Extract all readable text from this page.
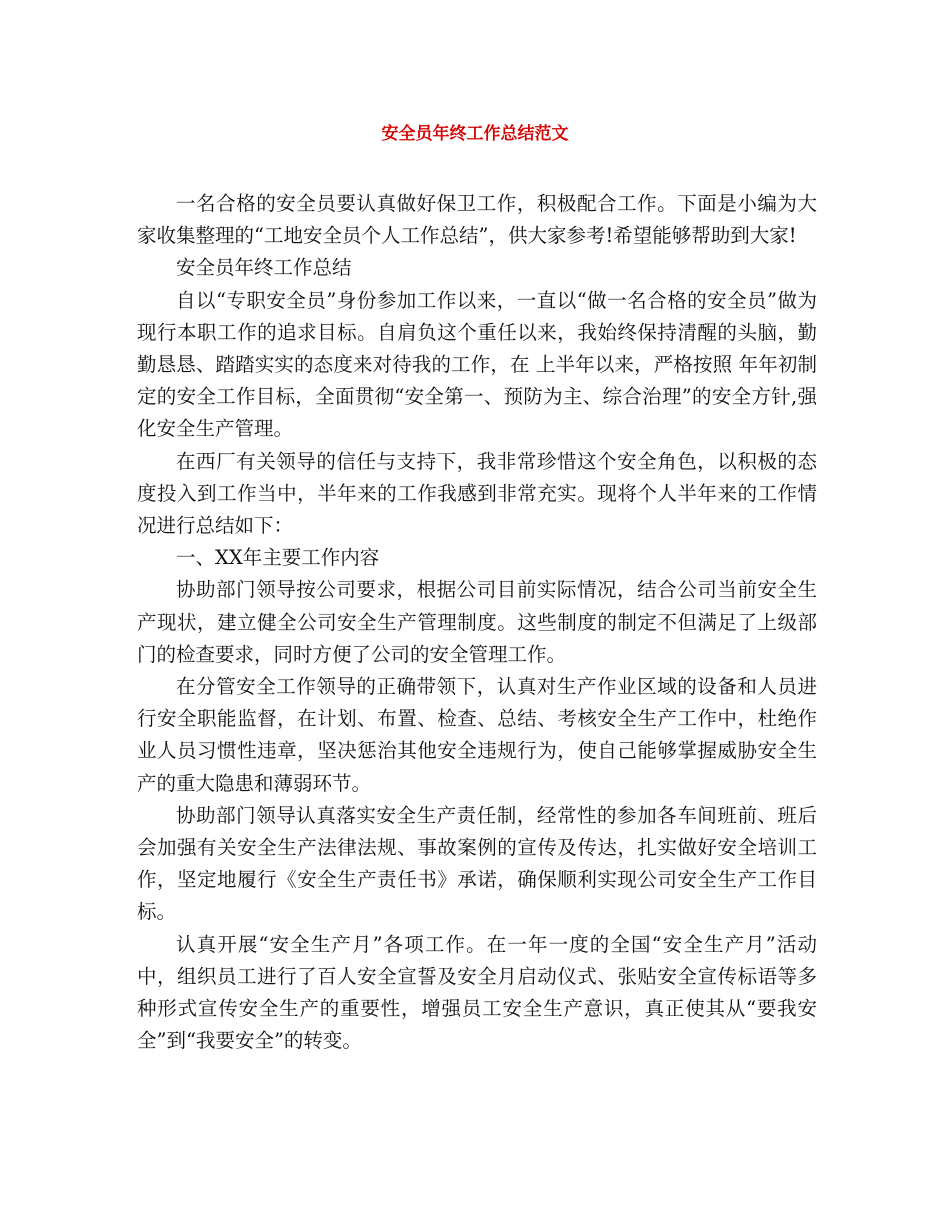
安全员年终工作总结范文

一名合格的安全员要认真做好保卫工作，积极配合工作。下面是小编为大家收集整理的“工地安全员个人工作总结”，供大家参考!希望能够帮助到大家!

安全员年终工作总结

自以“专职安全员”身份参加工作以来，一直以“做一名合格的安全员”做为现行本职工作的追求目标。自肩负这个重任以来，我始终保持清醒的头脑，勤勤恳恳、踏踏实实的态度来对待我的工作，在 上半年以来，严格按照 年年初制定的安全工作目标，全面贯彻“安全第一、预防为主、综合治理”的安全方针,强化安全生产管理。

在西厂有关领导的信任与支持下，我非常珍惜这个安全角色，以积极的态度投入到工作当中，半年来的工作我感到非常充实。现将个人半年来的工作情况进行总结如下：

一、XX年主要工作内容

协助部门领导按公司要求，根据公司目前实际情况，结合公司当前安全生产现状，建立健全公司安全生产管理制度。这些制度的制定不但满足了上级部门的检查要求，同时方便了公司的安全管理工作。

在分管安全工作领导的正确带领下，认真对生产作业区域的设备和人员进行安全职能监督，在计划、布置、检查、总结、考核安全生产工作中，杜绝作业人员习惯性违章，坚决惩治其他安全违规行为，使自己能够掌握威胁安全生产的重大隐患和薄弱环节。

协助部门领导认真落实安全生产责任制，经常性的参加各车间班前、班后会加强有关安全生产法律法规、事故案例的宣传及传达，扎实做好安全培训工作，坚定地履行《安全生产责任书》承诺，确保顺利实现公司安全生产工作目标。

认真开展“安全生产月”各项工作。在一年一度的全国“安全生产月”活动中，组织员工进行了百人安全宣誓及安全月启动仪式、张贴安全宣传标语等多种形式宣传安全生产的重要性，增强员工安全生产意识，真正使其从“要我安全”到“我要安全”的转变。
